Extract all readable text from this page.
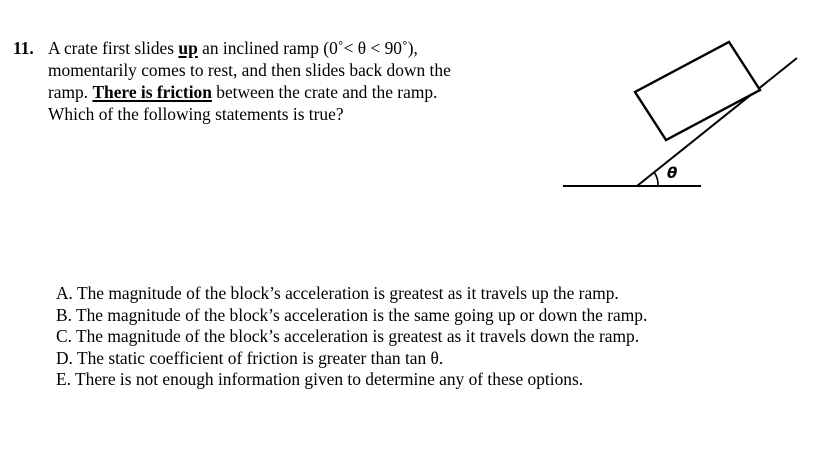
11. A crate first slides up an inclined ramp (0˚< θ < 90˚),
momentarily comes to rest, and then slides back down the
ramp. There is friction between the crate and the ramp.
Which of the following statements is true?
θ
A. The magnitude of the block’s acceleration is greatest as it travels up the ramp.
B. The magnitude of the block’s acceleration is the same going up or down the ramp.
C. The magnitude of the block’s acceleration is greatest as it travels down the ramp.
D. The static coefficient of friction is greater than tan θ.
E. There is not enough information given to determine any of these options.
